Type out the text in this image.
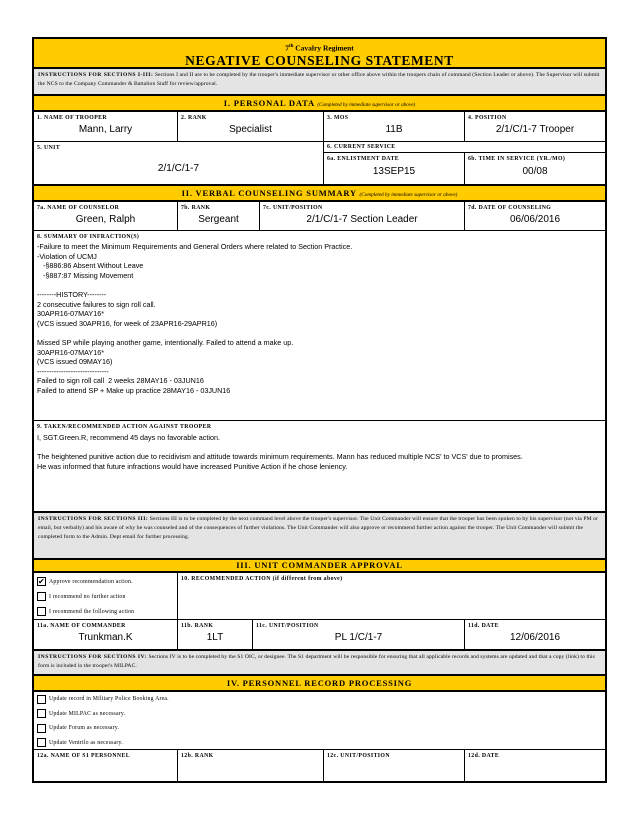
7th Cavalry Regiment
NEGATIVE COUNSELING STATEMENT
INSTRUCTIONS FOR SECTIONS I-III: Sections I and II are to be completed by the trooper's immediate supervisor or other office above within the troopers chain of command (Section Leader or above). The Supervisor will submit the NCS to the Company Commander & Battalion Staff for review/approval.
I. PERSONAL DATA (Completed by immediate supervisor or above)
1. NAME OF TROOPER
Mann, Larry
2. RANK
Specialist
3. MOS
11B
4. POSITION
2/1/C/1-7 Trooper
5. UNIT
2/1/C/1-7
6. CURRENT SERVICE
6a. ENLISTMENT DATE
13SEP15
6b. TIME IN SERVICE (YR./MO)
00/08
II. VERBAL COUNSELING SUMMARY (Completed by immediate supervisor or above)
7a. NAME OF COUNSELOR
Green, Ralph
7b. RANK
Sergeant
7c. UNIT/POSITION
2/1/C/1-7 Section Leader
7d. DATE OF COUNSELING
06/06/2016
8. SUMMARY OF INFRACTION(S)
-Failure to meet the Minimum Requirements and General Orders where related to Section Practice.
-Violation of UCMJ
-§886:86 Absent Without Leave
-§887:87 Missing Movement
--------HISTORY--------
2 consecutive failures to sign roll call.
30APR16-07MAY16*
(VCS issued 30APR16, for week of 23APR16-29APR16)
Missed SP while playing another game, intentionally. Failed to attend a make up.
30APR16-07MAY16*
(VCS issued 09MAY16)
------------------------------
Failed to sign roll call  2 weeks 28MAY16 - 03JUN16
Failed to attend SP + Make up practice 28MAY16 - 03JUN16
9. TAKEN/RECOMMENDED ACTION AGAINST TROOPER
I, SGT.Green.R, recommend 45 days no favorable action.
The heightened punitive action due to recidivism and attitude towards minimum requirements. Mann has reduced multiple NCS' to VCS' due to promises.
He was informed that future infractions would have increased Punitive Action if he chose leniency.
INSTRUCTIONS FOR SECTIONS III: Sections III is to be completed by the next command level above the trooper's supervisor. The Unit Commander will ensure that the trooper has been spoken to by his supervisor (not via PM or email, but verbally) and his aware of why he was counseled and of the consequences of further violations. The Unit Commander will also approve or recommend further action against the trooper. The Unit Commander will submit the completed form to the Admin. Dept email for further processing.
III. UNIT COMMANDER APPROVAL
✔ Approve recommendation action.
I recommend no further action
I recommend the following action
10. RECOMMENDED ACTION (if different from above)
11a. NAME OF COMMANDER
Trunkman.K
11b. RANK
1LT
11c. UNIT/POSITION
PL 1/C/1-7
11d. DATE
12/06/2016
INSTRUCTIONS FOR SECTIONS IV: Sections IV is to be completed by the S1 OIC, or designee. The S1 department will be responsible for ensuring that all applicable records and systems are updated and that a copy (link) to this form is included in the trooper's MILPAC.
IV. PERSONNEL RECORD PROCESSING
Update record in Military Police Booking Area.
Update MILPAC as necessary.
Update Forum as necessary.
Update Ventrilo as necessary.
12a. NAME OF S1 PERSONNEL	12b. RANK	12c. UNIT/POSITION	12d. DATE
